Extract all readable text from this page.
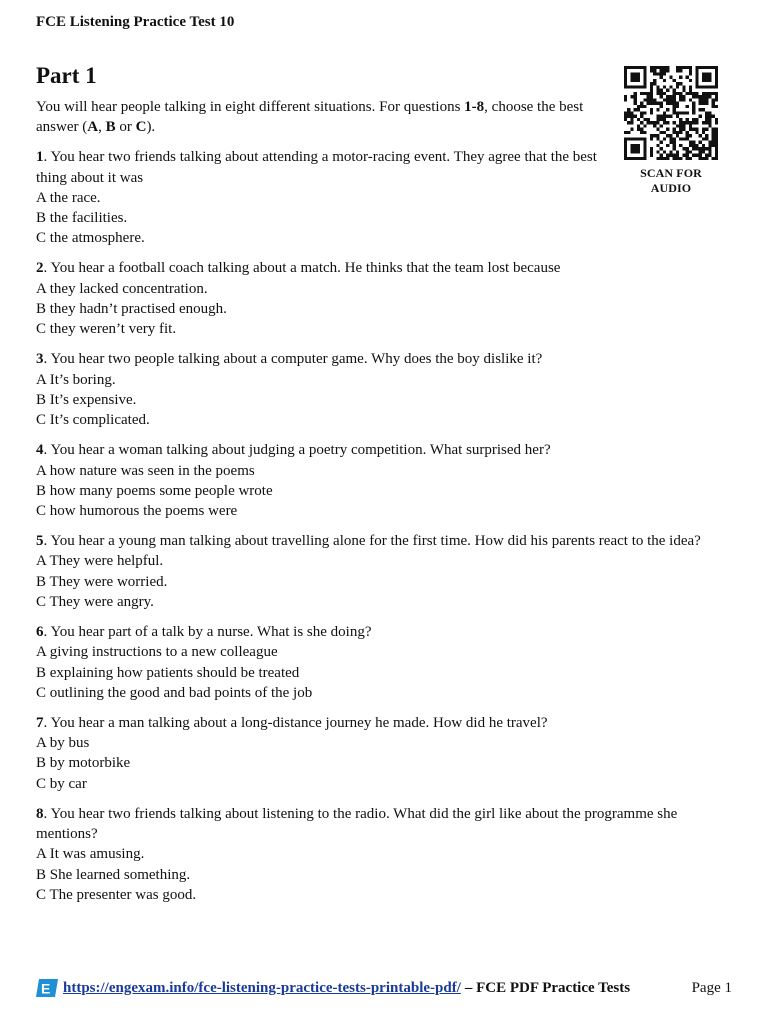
FCE Listening Practice Test 10
Part 1
SCAN FOR AUDIO
You will hear people talking in eight different situations. For questions 1-8, choose the best answer (A, B or C).
1. You hear two friends talking about attending a motor-racing event. They agree that the best thing about it was
A the race.
B the facilities.
C the atmosphere.
2. You hear a football coach talking about a match. He thinks that the team lost because
A they lacked concentration.
B they hadn’t practised enough.
C they weren’t very fit.
3. You hear two people talking about a computer game. Why does the boy dislike it?
A It’s boring.
B It’s expensive.
C It’s complicated.
4. You hear a woman talking about judging a poetry competition. What surprised her?
A how nature was seen in the poems
B how many poems some people wrote
C how humorous the poems were
5. You hear a young man talking about travelling alone for the first time. How did his parents react to the idea?
A They were helpful.
B They were worried.
C They were angry.
6. You hear part of a talk by a nurse. What is she doing?
A giving instructions to a new colleague
B explaining how patients should be treated
C outlining the good and bad points of the job
7. You hear a man talking about a long-distance journey he made. How did he travel?
A by bus
B by motorbike
C by car
8. You hear two friends talking about listening to the radio. What did the girl like about the programme she mentions?
A It was amusing.
B She learned something.
C The presenter was good.
E https://engexam.info/fce-listening-practice-tests-printable-pdf/ – FCE PDF Practice Tests	Page 1
